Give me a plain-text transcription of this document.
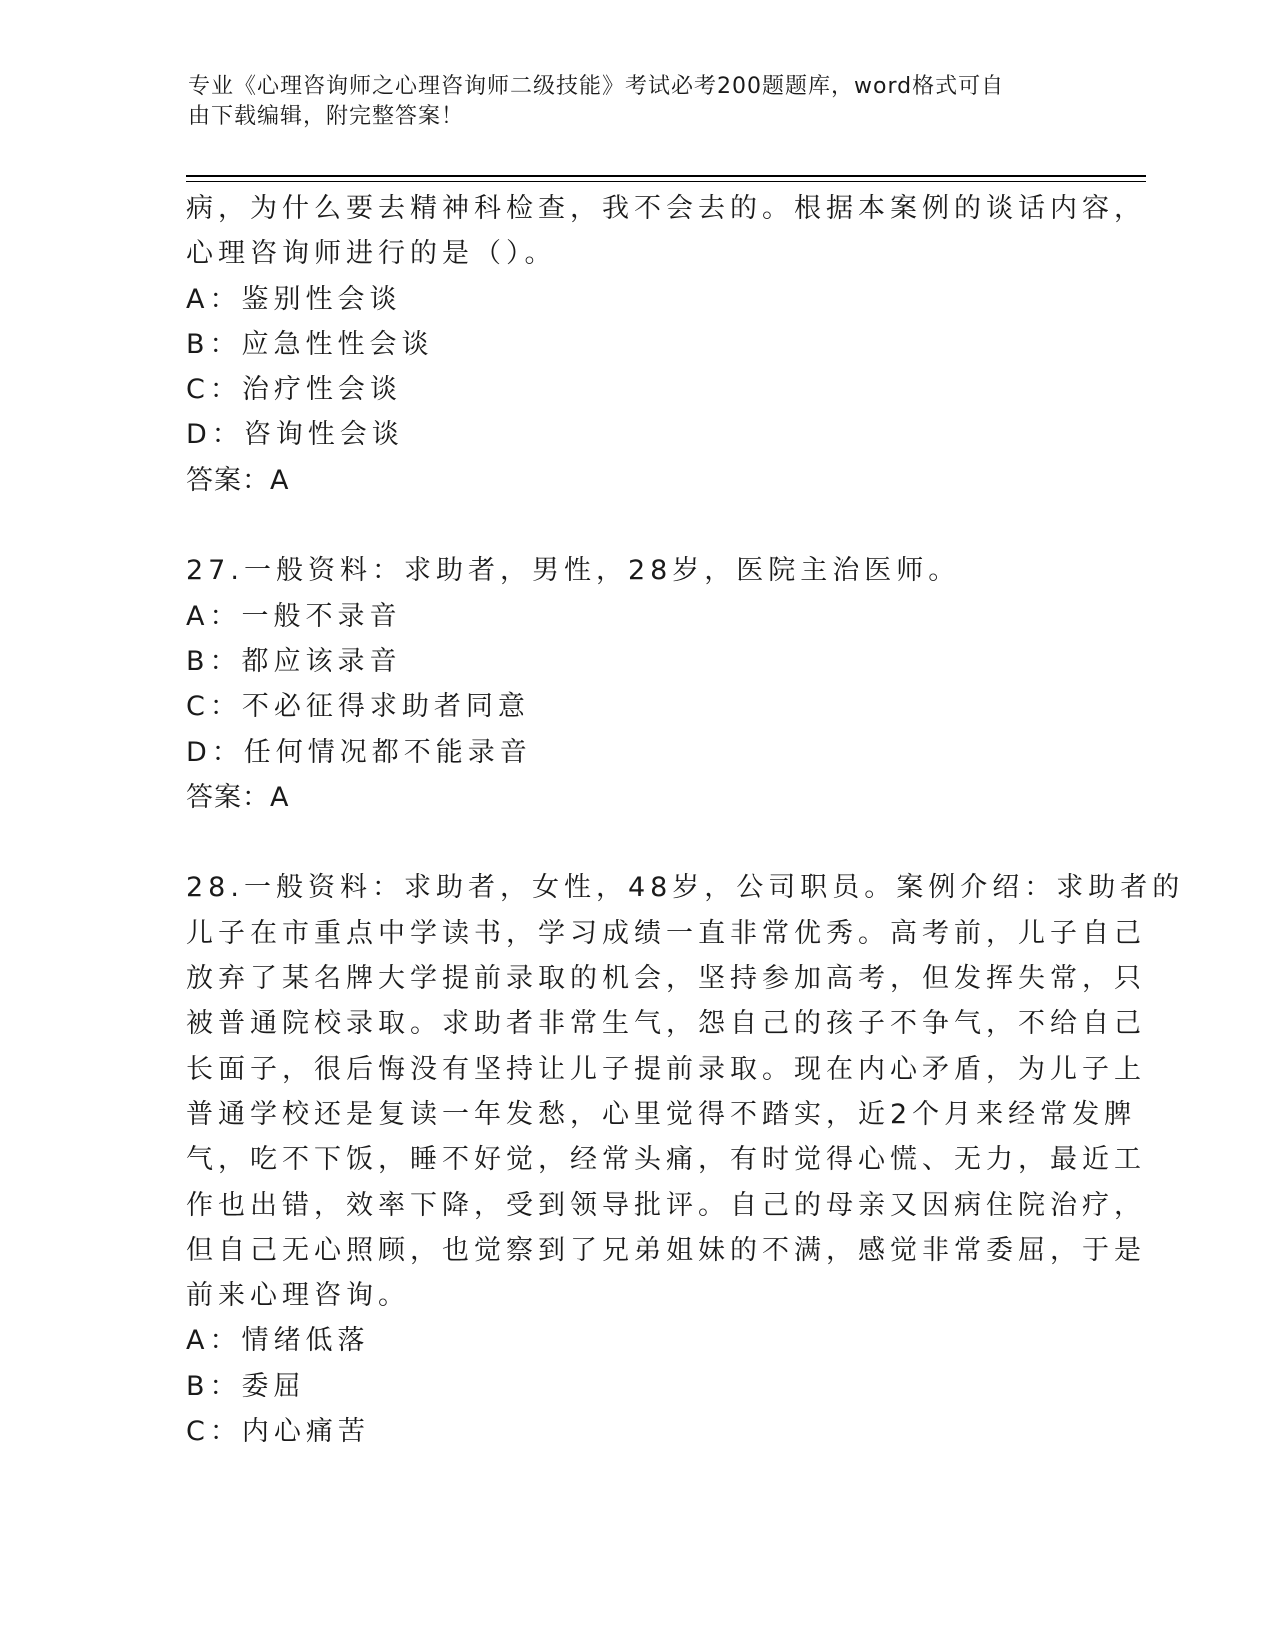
专业《心理咨询师之心理咨询师二级技能》考试必考200题题库，word格式可自
由下载编辑，附完整答案！
病，为什么要去精神科检查，我不会去的。根据本案例的谈话内容，
心理咨询师进行的是（）。
A：鉴别性会谈
B：应急性性会谈
C：治疗性会谈
D：咨询性会谈
答案：A
27.一般资料：求助者，男性，28岁，医院主治医师。
A：一般不录音
B：都应该录音
C：不必征得求助者同意
D：任何情况都不能录音
答案：A
28.一般资料：求助者，女性，48岁，公司职员。案例介绍：求助者的
儿子在市重点中学读书，学习成绩一直非常优秀。高考前，儿子自己
放弃了某名牌大学提前录取的机会，坚持参加高考，但发挥失常，只
被普通院校录取。求助者非常生气，怨自己的孩子不争气，不给自己
长面子，很后悔没有坚持让儿子提前录取。现在内心矛盾，为儿子上
普通学校还是复读一年发愁，心里觉得不踏实，近2个月来经常发脾
气，吃不下饭，睡不好觉，经常头痛，有时觉得心慌、无力，最近工
作也出错，效率下降，受到领导批评。自己的母亲又因病住院治疗，
但自己无心照顾，也觉察到了兄弟姐妹的不满，感觉非常委屈，于是
前来心理咨询。
A：情绪低落
B：委屈
C：内心痛苦
